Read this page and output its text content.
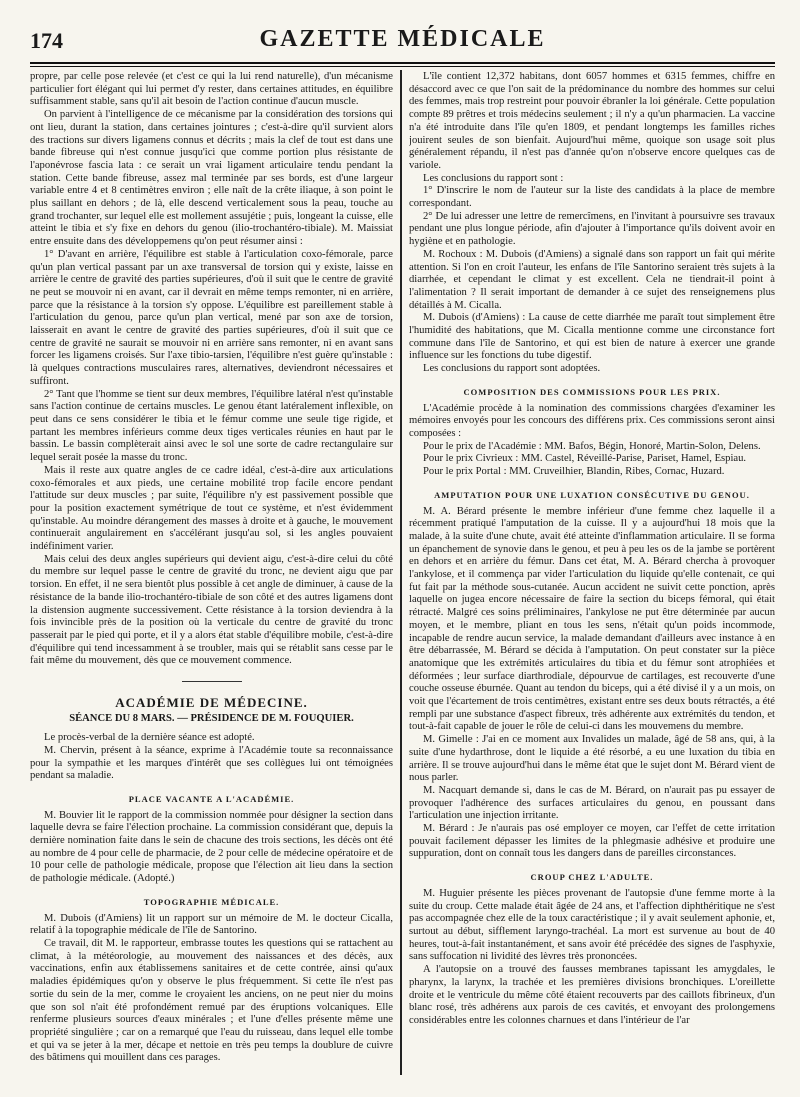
GAZETTE MÉDICALE
174

propre, par celle pose relevée (et c'est ce qui la lui rend naturelle), d'un mécanisme particulier fort élégant qui lui permet d'y rester, dans certaines attitudes, en équilibre suffisamment stable, sans qu'il ait besoin de l'action continue d'aucun muscle.

On parvient à l'intelligence de ce mécanisme par la considération des torsions qui ont lieu, durant la station, dans certaines jointures ; c'est-à-dire qu'il survient alors des tractions sur divers ligamens connus et décrits ; mais la clef de tout est dans une bande fibreuse qui n'est connue jusqu'ici que comme portion plus résistante de l'aponévrose fascia lata : ce serait un vrai ligament articulaire tendu pendant la station. Cette bande fibreuse, assez mal terminée par ses bords, est d'une largeur variable entre 4 et 8 centimètres environ ; elle naît de la crête iliaque, à son point le plus saillant en dehors ; de là, elle descend verticalement sous la peau, touche au grand trochanter, sur lequel elle est mollement assujétie ; puis, longeant la cuisse, elle atteint le tibia et s'y fixe en dehors du genou (ilio-trochantéro-tibiale). M. Maissiat entre ensuite dans des développemens qu'on peut résumer ainsi :

1° D'avant en arrière, l'équilibre est stable à l'articulation coxo-fémorale, parce qu'un plan vertical passant par un axe transversal de torsion qui y existe, laisse en arrière le centre de gravité des parties supérieures, d'où il suit que le centre de gravité ne peut se mouvoir ni en avant, car il devrait en même temps remonter, ni en arrière, parce que la résistance à la torsion s'y oppose. L'équilibre est pareillement stable à l'articulation du genou, parce qu'un plan vertical, mené par son axe de torsion, laisserait en avant le centre de gravité des parties supérieures, d'où il suit que ce centre de gravité ne saurait se mouvoir ni en arrière sans remonter, ni en avant sans forcer les ligamens croisés. Sur l'axe tibio-tarsien, l'équilibre n'est guère qu'instable : là quelques contractions musculaires rares, alternatives, deviendront nécessaires et suffiront.

2° Tant que l'homme se tient sur deux membres, l'équilibre latéral n'est qu'instable sans l'action continue de certains muscles. Le genou étant latéralement inflexible, on peut dans ce sens considérer le tibia et le fémur comme une seule tige rigide, et partant les membres inférieurs comme deux tiges verticales réunies en haut par le bassin. Le bassin complèterait ainsi avec le sol une sorte de cadre rectangulaire sur lequel serait posée la masse du tronc.

Mais il reste aux quatre angles de ce cadre idéal, c'est-à-dire aux articulations coxo-fémorales et aux pieds, une certaine mobilité trop facile encore pendant l'attitude sur deux muscles ; par suite, l'équilibre n'y est passivement possible que pour la position exactement symétrique de tout ce système, et n'est évidemment qu'instable. Au moindre dérangement des masses à droite et à gauche, le mouvement continuerait angulairement en s'accélérant jusqu'au sol, si les angles pouvaient indéfiniment varier.

Mais celui des deux angles supérieurs qui devient aigu, c'est-à-dire celui du côté du membre sur lequel passe le centre de gravité du tronc, ne devient aigu que par torsion. En effet, il ne sera bientôt plus possible à cet angle de diminuer, à cause de la résistance de la bande ilio-trochantéro-tibiale de son côté et des autres ligamens dont la distension augmente successivement. Cette résistance à la torsion deviendra à la fois invincible près de la position où la verticale du centre de gravité du tronc passerait par le pied qui porte, et il y a alors état stable d'équilibre mobile, c'est-à-dire d'équilibre qui tend incessamment à se troubler, mais qui se rétablit sans cesse par le fait même du mouvement, dès que ce mouvement commence.

ACADÉMIE DE MÉDECINE.
SÉANCE DU 8 MARS. — PRÉSIDENCE DE M. FOUQUIER.

Le procès-verbal de la dernière séance est adopté.

M. Chervin, présent à la séance, exprime à l'Académie toute sa reconnaissance pour la sympathie et les marques d'intérêt que ses collègues lui ont témoignées pendant sa maladie.

PLACE VACANTE A L'ACADÉMIE.

M. Bouvier lit le rapport de la commission nommée pour désigner la section dans laquelle devra se faire l'élection prochaine. La commission considérant que, depuis la dernière nomination faite dans le sein de chacune des trois sections, les décès ont été au nombre de 4 pour celle de pharmacie, de 2 pour celle de médecine opératoire et de 10 pour celle de pathologie médicale, propose que l'élection ait lieu dans la section de pathologie médicale. (Adopté.)

TOPOGRAPHIE MÉDICALE.

M. Dubois (d'Amiens) lit un rapport sur un mémoire de M. le docteur Cicalla, relatif à la topographie médicale de l'île de Santorino.

Ce travail, dit M. le rapporteur, embrasse toutes les questions qui se rattachent au climat, à la météorologie, au mouvement des naissances et des décès, aux vaccinations, enfin aux établissemens sanitaires et de cette contrée, ainsi qu'aux maladies épidémiques qu'on y observe le plus fréquemment. Si cette île n'est pas sortie du sein de la mer, comme le croyaient les anciens, on ne peut nier du moins que son sol n'ait été profondément remué par des éruptions volcaniques. Elle renferme plusieurs sources d'eaux minérales ; et l'une d'elles présente même une propriété singulière ; car on a remarqué que l'eau du ruisseau, dans lequel elle tombe et qui va se jeter à la mer, décape et nettoie en très peu temps la doublure de cuivre des bâtimens qui mouillent dans ces parages.

L'île contient 12,372 habitans, dont 6057 hommes et 6315 femmes, chiffre en désaccord avec ce que l'on sait de la prédominance du nombre des hommes sur celui des femmes, mais trop restreint pour pouvoir ébranler la loi générale. Cette population compte 89 prêtres et trois médecins seulement ; il n'y a qu'un pharmacien. La vaccine n'a été introduite dans l'île qu'en 1809, et pendant longtemps les familles riches jouirent seules de son bienfait. Aujourd'hui même, quoique son usage soit plus généralement répandu, il n'est pas d'année qu'on n'observe encore quelques cas de variole.

Les conclusions du rapport sont :

1° D'inscrire le nom de l'auteur sur la liste des candidats à la place de membre correspondant.

2° De lui adresser une lettre de remercîmens, en l'invitant à poursuivre ses travaux pendant une plus longue période, afin d'ajouter à l'importance qu'ils doivent avoir en hygiène et en pathologie.

M. Rochoux : M. Dubois (d'Amiens) a signalé dans son rapport un fait qui mérite attention. Si l'on en croit l'auteur, les enfans de l'île Santorino seraient très sujets à la diarrhée, et cependant le climat y est excellent. Cela ne tiendrait-il point à l'alimentation ? Il serait important de demander à ce sujet des renseignemens plus détaillés à M. Cicalla.

M. Dubois (d'Amiens) : La cause de cette diarrhée me paraît tout simplement être l'humidité des habitations, que M. Cicalla mentionne comme une circonstance fort commune dans l'île de Santorino, et qui est bien de nature à exercer une grande influence sur les fonctions du tube digestif.

Les conclusions du rapport sont adoptées.

COMPOSITION DES COMMISSIONS POUR LES PRIX.

L'Académie procède à la nomination des commissions chargées d'examiner les mémoires envoyés pour les concours des différens prix. Ces commissions seront ainsi composées :

Pour le prix de l'Académie : MM. Bafos, Bégin, Honoré, Martin-Solon, Delens.

Pour le prix Civrieux : MM. Castel, Réveillé-Parise, Pariset, Hamel, Espiau.

Pour le prix Portal : MM. Cruveilhier, Blandin, Ribes, Cornac, Huzard.

AMPUTATION POUR UNE LUXATION CONSÉCUTIVE DU GENOU.

M. A. Bérard présente le membre inférieur d'une femme chez laquelle il a récemment pratiqué l'amputation de la cuisse. Il y a aujourd'hui 18 mois que la malade, à la suite d'une chute, avait été atteinte d'inflammation articulaire. Il se forma un épanchement de synovie dans le genou, et peu à peu les os de la jambe se portèrent en dehors et en arrière du fémur. Dans cet état, M. A. Bérard chercha à provoquer l'ankylose, et il commença par vider l'articulation du liquide qu'elle contenait, ce qui fut fait par la méthode sous-cutanée. Aucun accident ne suivit cette ponction, après laquelle on jugea encore nécessaire de faire la section du biceps fémoral, qui était rétracté. Malgré ces soins préliminaires, l'ankylose ne put être déterminée par aucun moyen, et le membre, pliant en tous les sens, n'était qu'un poids incommode, incapable de rendre aucun service, la malade demandant d'ailleurs avec instance à en être débarrassée, M. Bérard se décida à l'amputation. On peut constater sur la pièce anatomique que les extrémités articulaires du tibia et du fémur sont atrophiées et déformées ; leur surface diarthrodiale, dépourvue de cartilages, est recouverte d'une couche osseuse éburnée. Quant au tendon du biceps, qui a été divisé il y a un mois, on voit que l'écartement de trois centimètres, existant entre ses deux bouts rétractés, a été rempli par une substance d'aspect fibreux, très adhérente aux extrémités du tendon, et tout-à-fait capable de jouer le rôle de celui-ci dans les mouvemens du membre.

M. Gimelle : J'ai en ce moment aux Invalides un malade, âgé de 58 ans, qui, à la suite d'une hydarthrose, dont le liquide a été résorbé, a eu une luxation du tibia en arrière. Il se trouve aujourd'hui dans le même état que le sujet dont M. Bérard vient de nous parler.

M. Nacquart demande si, dans le cas de M. Bérard, on n'aurait pas pu essayer de provoquer l'adhérence des surfaces articulaires du genou, en poussant dans l'articulation une injection irritante.

M. Bérard : Je n'aurais pas osé employer ce moyen, car l'effet de cette irritation pouvait facilement dépasser les limites de la phlegmasie adhésive et produire une suppuration, dont on connaît tous les dangers dans de pareilles circonstances.

CROUP CHEZ L'ADULTE.

M. Huguier présente les pièces provenant de l'autopsie d'une femme morte à la suite du croup. Cette malade était âgée de 24 ans, et l'affection diphthéritique ne s'est pas accompagnée chez elle de la toux caractéristique ; il y avait seulement aphonie, et, surtout au début, sifflement laryngo-trachéal. La mort est survenue au bout de 40 heures, tout-à-fait instantanément, et sans avoir été précédée des signes de l'asphyxie, sans suffocation ni lividité des lèvres très prononcées.

A l'autopsie on a trouvé des fausses membranes tapissant les amygdales, le pharynx, la larynx, la trachée et les premières divisions bronchiques. L'oreillette droite et le ventricule du même côté étaient recouverts par des caillots fibrineux, d'un blanc rosé, très adhérens aux parois de ces cavités, et envoyant des prolongemens considérables entre les colonnes charnues et dans l'intérieur de l'ar
